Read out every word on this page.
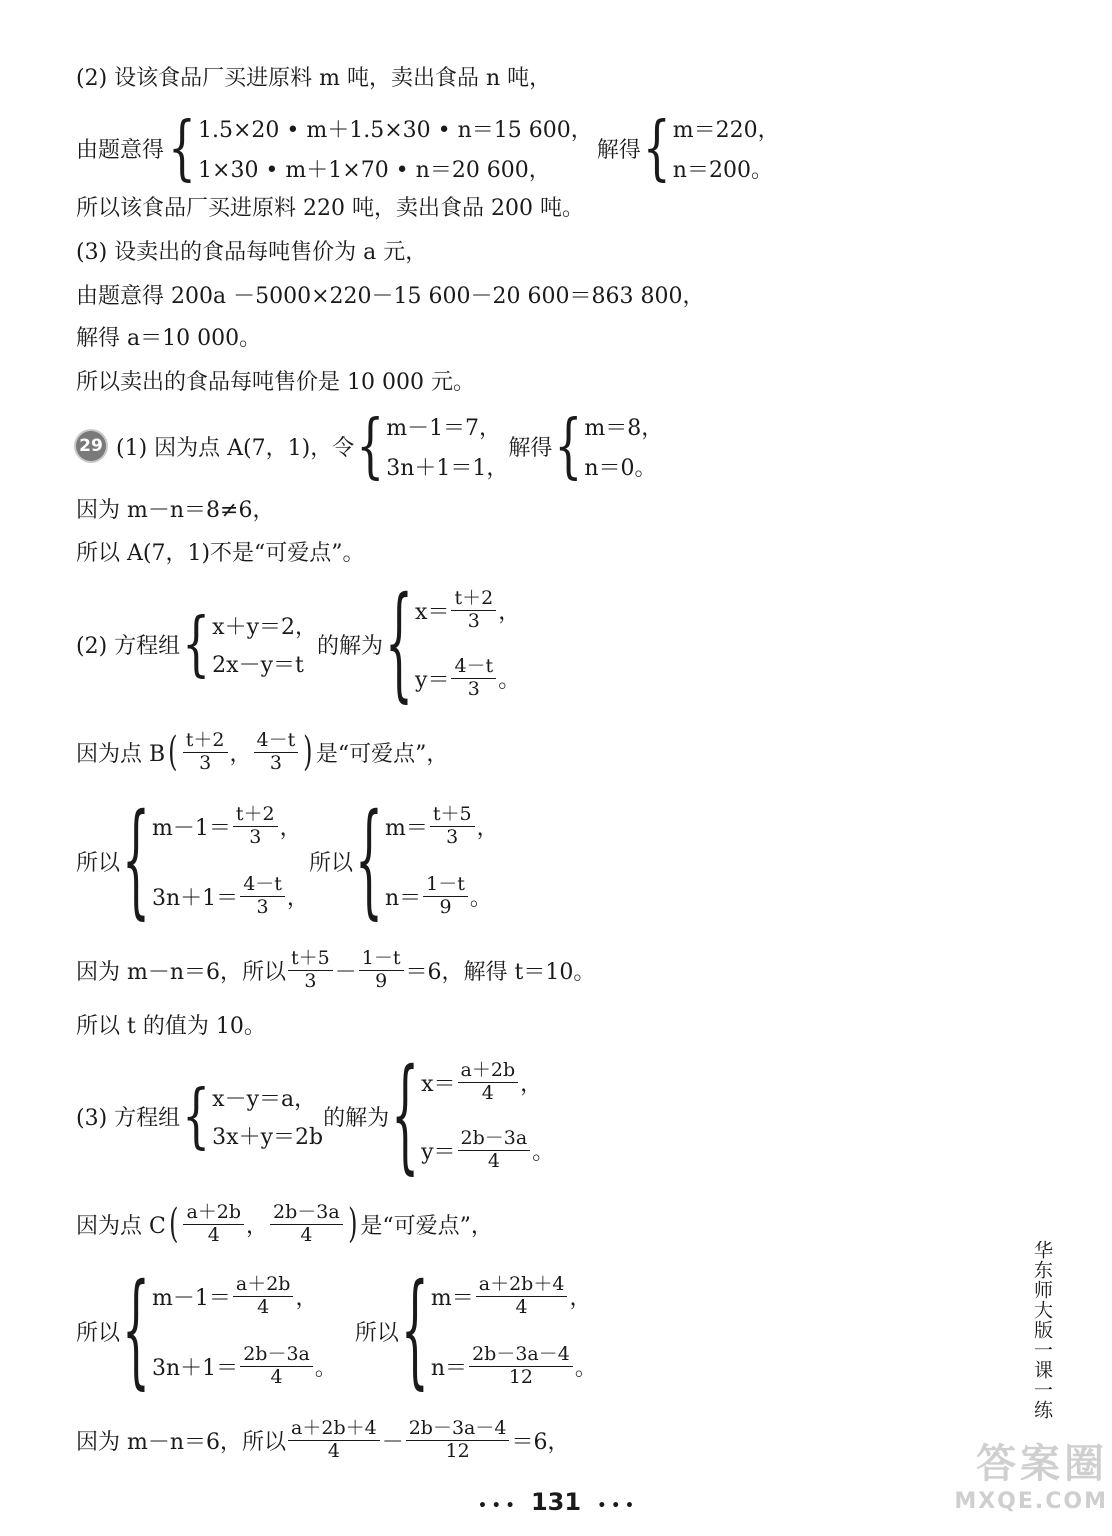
(2) 设该食品厂买进原料 m 吨，卖出食品 n 吨，
由题意得 { 1.5×20 • m＋1.5×30 • n＝15 600，
1×30 • m＋1×70 • n＝20 600，
解得 { m＝220，
n＝200。
所以该食品厂买进原料 220 吨，卖出食品 200 吨。
(3) 设卖出的食品每吨售价为 a 元，
由题意得 200a －5000×220－15 600－20 600＝863 800，
解得 a＝10 000。
所以卖出的食品每吨售价是 10 000 元。
29 (1) 因为点 A(7，1)，令 { m－1＝7，
3n＋1＝1，
解得 { m＝8，
n＝0。
因为 m－n＝8≠6，
所以 A(7，1)不是“可爱点”。
(2) 方程组 { x＋y＝2，
2x－y＝t
的解为 { $x= \frac{t+2}{3}$ ，
$y= \frac{4-t}{3}$ 。
因为点 B ( $\frac{t+2}{3}$ ， $\frac{4-t}{3}$ ) 是“可爱点”，
所以 { $m-1= \frac{t+2}{3}$ ，
$3n+1= \frac{4-t}{3}$ ，
所以 { $m= \frac{t+5}{3}$ ，
$n= \frac{1-t}{9}$ 。
因为 m－n＝6，所以 $\frac{t+5}{3} - \frac{1-t}{9} =6$，解得 t＝10。
所以 t 的值为 10。
(3) 方程组 { x－y＝a，
3x＋y＝2b
的解为 { $x= \frac{a+2b}{4}$ ，
$y= \frac{2b-3a}{4}$ 。
因为点 C ( $\frac{a+2b}{4}$ ， $\frac{2b-3a}{4}$ ) 是“可爱点”，
所以 { $m-1= \frac{a+2b}{4}$ ，
$3n+1= \frac{2b-3a}{4}$ 。
所以 { $m= \frac{a+2b+4}{4}$ ，
$n= \frac{2b-3a-4}{12}$ 。
因为 m－n＝6，所以 $\frac{a+2b+4}{4} - \frac{2b-3a-4}{12} =6$，
华东师大版一课一练
• • • 131 • • •
答案圈
MXQE.COM
